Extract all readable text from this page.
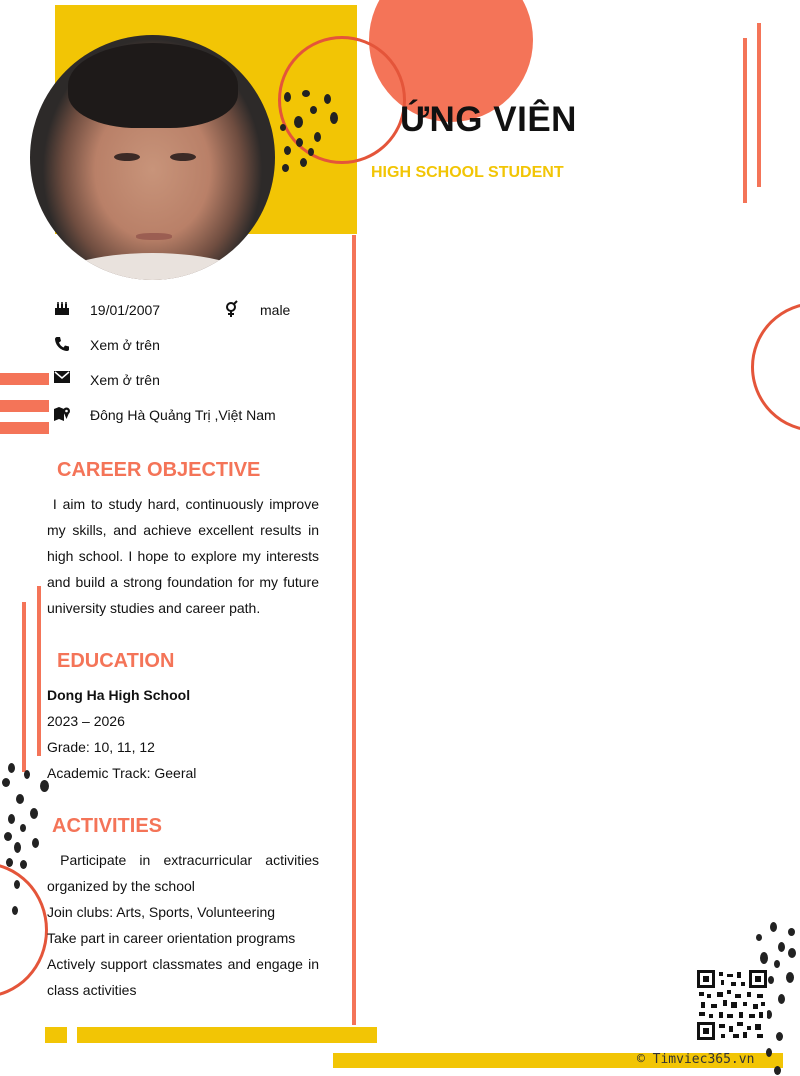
ỨNG VIÊN
HIGH SCHOOL STUDENT
19/01/2007	male
Xem ở trên
Xem ở trên
Đông Hà Quảng Trị ,Việt Nam
CAREER OBJECTIVE
I aim to study hard, continuously improve
my skills, and achieve excellent results in
high school. I hope to explore my interests
and build a strong foundation for my future
university studies and career path.
EDUCATION
Dong Ha High School
2023 – 2026
Grade: 10, 11, 12
Academic Track: Geeral
ACTIVITIES
Participate in extracurricular activities
organized by the school
Join clubs: Arts, Sports, Volunteering
Take part in career orientation programs
Actively support classmates and engage in
class activities
© Timviec365.vn
